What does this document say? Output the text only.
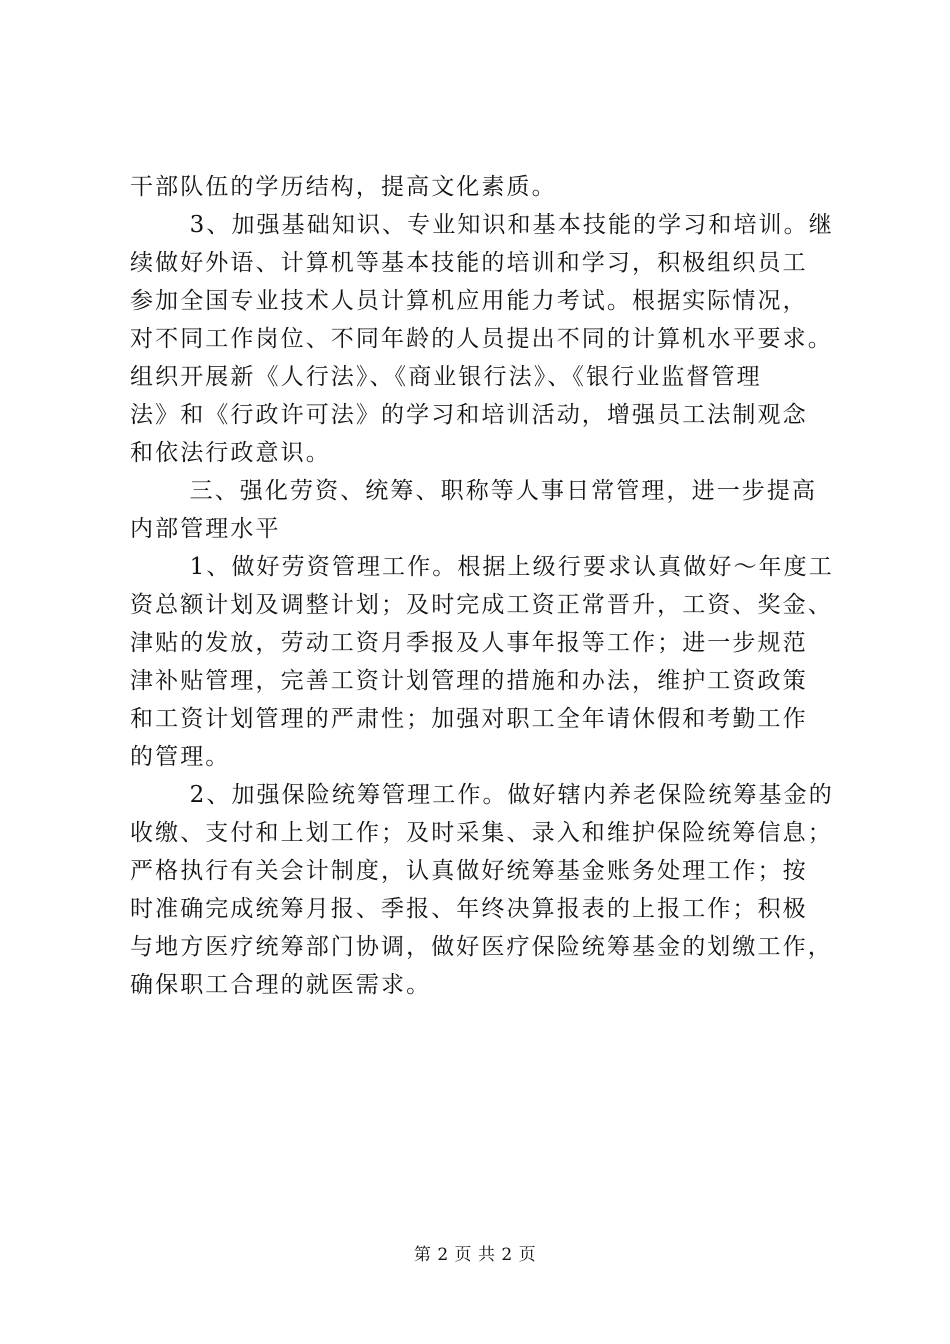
干部队伍的学历结构，提高文化素质。
　　 3、加强基础知识、专业知识和基本技能的学习和培训。继
续做好外语、计算机等基本技能的培训和学习，积极组织员工
参加全国专业技术人员计算机应用能力考试。根据实际情况，
对不同工作岗位、不同年龄的人员提出不同的计算机水平要求。
组织开展新《人行法》、《商业银行法》、《银行业监督管理
法》和《行政许可法》的学习和培训活动，增强员工法制观念
和依法行政意识。
　　 三、强化劳资、统筹、职称等人事日常管理，进一步提高
内部管理水平
　　 1、做好劳资管理工作。根据上级行要求认真做好～年度工
资总额计划及调整计划；及时完成工资正常晋升，工资、奖金、
津贴的发放，劳动工资月季报及人事年报等工作；进一步规范
津补贴管理，完善工资计划管理的措施和办法，维护工资政策
和工资计划管理的严肃性；加强对职工全年请休假和考勤工作
的管理。
　　 2、加强保险统筹管理工作。做好辖内养老保险统筹基金的
收缴、支付和上划工作；及时采集、录入和维护保险统筹信息；
严格执行有关会计制度，认真做好统筹基金账务处理工作；按
时准确完成统筹月报、季报、年终决算报表的上报工作；积极
与地方医疗统筹部门协调，做好医疗保险统筹基金的划缴工作，
确保职工合理的就医需求。
第 2 页 共 2 页
